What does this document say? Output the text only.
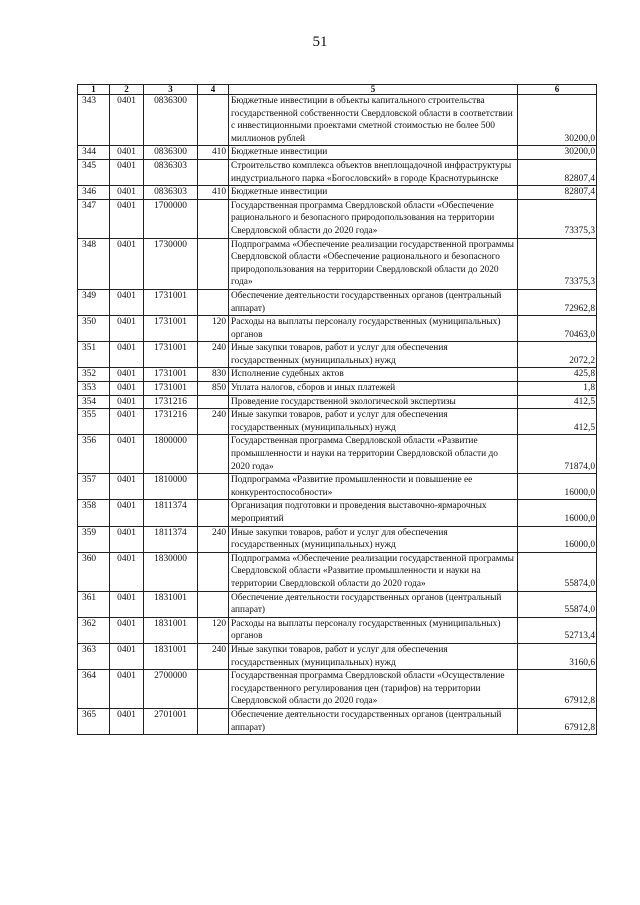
51
1	2	3	4	5	6
343	0401	0836300		Бюджетные инвестиции в объекты капитального строительства государственной собственности Свердловской области в соответствии с инвестиционными проектами сметной стоимостью не более 500 миллионов рублей	30200,0
344	0401	0836300	410	Бюджетные инвестиции	30200,0
345	0401	0836303		Строительство комплекса объектов внеплощадочной инфраструктуры индустриального парка «Богословский» в городе Краснотурьинске	82807,4
346	0401	0836303	410	Бюджетные инвестиции	82807,4
347	0401	1700000		Государственная программа Свердловской области «Обеспечение рационального и безопасного природопользования на территории Свердловской области до 2020 года»	73375,3
348	0401	1730000		Подпрограмма «Обеспечение реализации государственной программы Свердловской области «Обеспечение рационального и безопасного природопользования на территории Свердловской области до 2020 года»	73375,3
349	0401	1731001		Обеспечение деятельности государственных органов (центральный аппарат)	72962,8
350	0401	1731001	120	Расходы на выплаты персоналу государственных (муниципальных) органов	70463,0
351	0401	1731001	240	Иные закупки товаров, работ и услуг для обеспечения государственных (муниципальных) нужд	2072,2
352	0401	1731001	830	Исполнение судебных актов	425,8
353	0401	1731001	850	Уплата налогов, сборов и иных платежей	1,8
354	0401	1731216		Проведение государственной экологической экспертизы	412,5
355	0401	1731216	240	Иные закупки товаров, работ и услуг для обеспечения государственных (муниципальных) нужд	412,5
356	0401	1800000		Государственная программа Свердловской области «Развитие промышленности и науки на территории Свердловской области до 2020 года»	71874,0
357	0401	1810000		Подпрограмма «Развитие промышленности и повышение ее конкурентоспособности»	16000,0
358	0401	1811374		Организация подготовки и проведения выставочно-ярмарочных мероприятий	16000,0
359	0401	1811374	240	Иные закупки товаров, работ и услуг для обеспечения государственных (муниципальных) нужд	16000,0
360	0401	1830000		Подпрограмма «Обеспечение реализации государственной программы Свердловской области «Развитие промышленности и науки на территории Свердловской области до 2020 года»	55874,0
361	0401	1831001		Обеспечение деятельности государственных органов (центральный аппарат)	55874,0
362	0401	1831001	120	Расходы на выплаты персоналу государственных (муниципальных) органов	52713,4
363	0401	1831001	240	Иные закупки товаров, работ и услуг для обеспечения государственных (муниципальных) нужд	3160,6
364	0401	2700000		Государственная программа Свердловской области «Осуществление государственного регулирования цен (тарифов) на территории Свердловской области до 2020 года»	67912,8
365	0401	2701001		Обеспечение деятельности государственных органов (центральный аппарат)	67912,8
